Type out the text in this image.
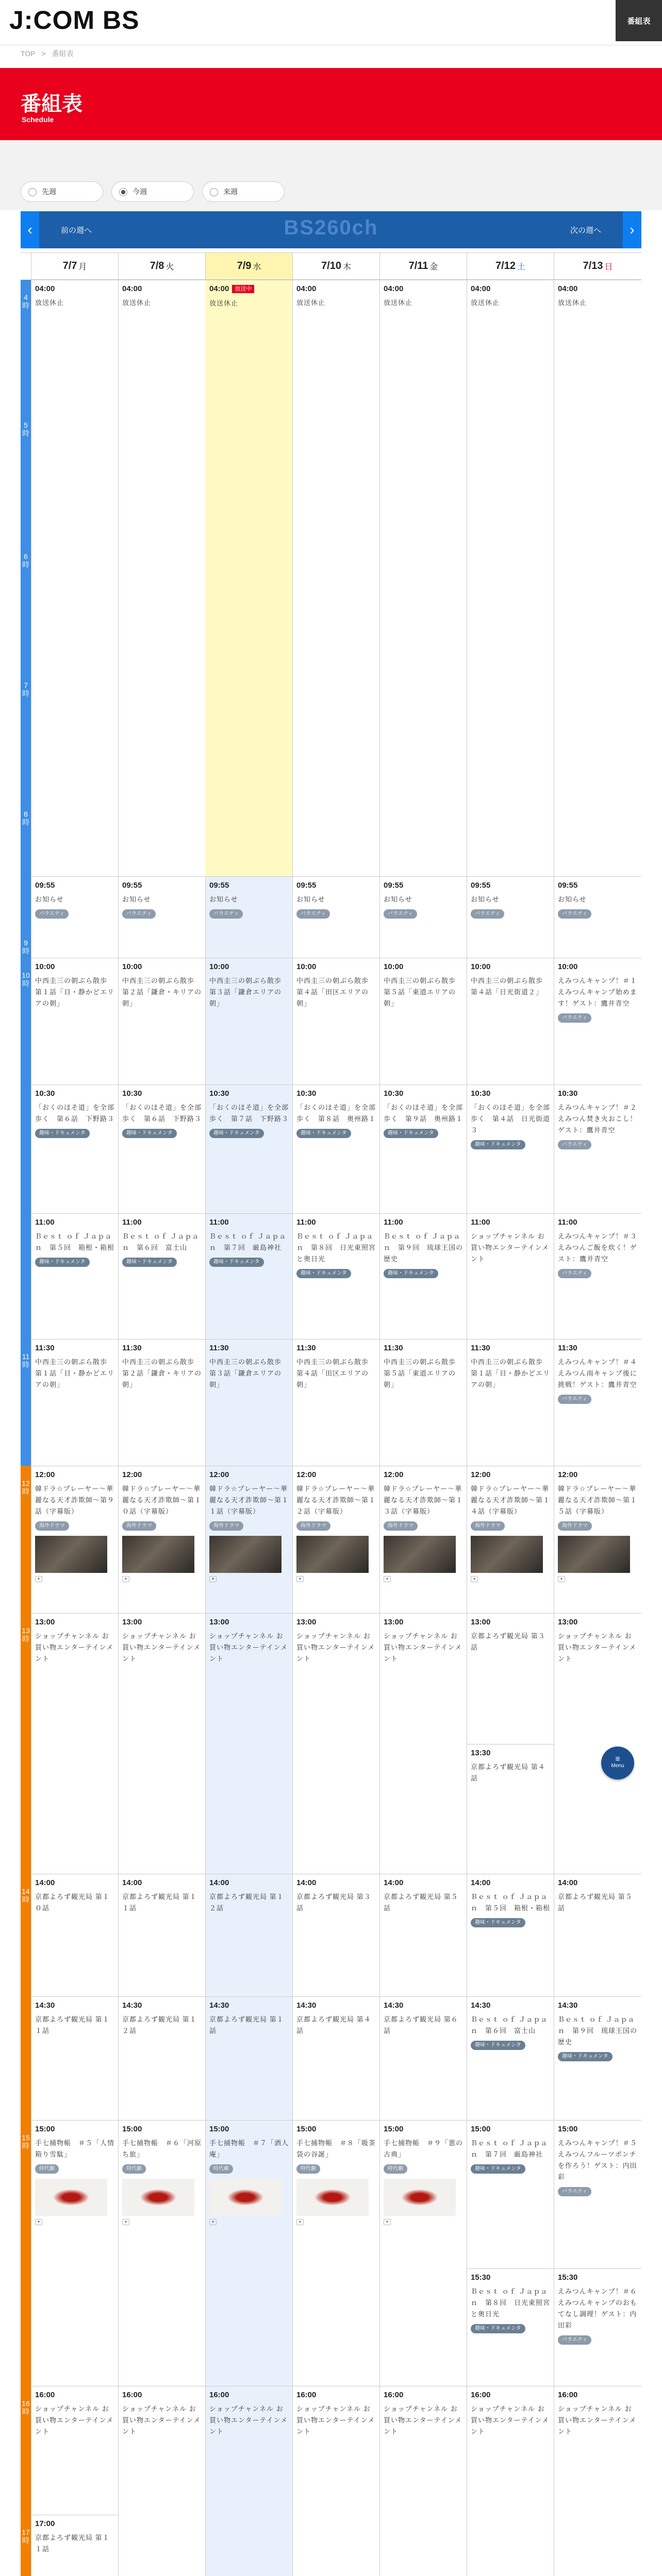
J:COM BS	番組表
TOP > 番組表
番組表
Schedule
先週	今週	来週
‹	前の週へ	BS260ch	次の週へ	›
4時
5時
6時
7時
8時
9時
10時
11時
12時
13時
14時
15時
16時
17時
7/7 月
04:00
放送休止
09:55
お知らせ
バラエティ
10:00
中西圭三の朝ぶら散歩　第１話「目・静かどエリアの朝」
10:30
「おくのほそ道」を全部歩く　第６話　下野路３
趣味・ドキュメンタ
11:00
Ｂｅｓｔ ｏｆ Ｊａｐａｎ　第５回　箱根・箱根
趣味・ドキュメンタ
11:30
中西圭三の朝ぶら散歩　第１話「目・静かどエリアの朝」
12:00
韓ドラ☆プレーヤー～華麗なる天才詐欺師～第９話（字幕版）
海外ドラマ
▾
13:00
ショップチャンネル お買い物エンターテインメント
14:00
京都よろず観光局 第１０話
14:30
京都よろず観光局 第１１話
15:00
手七捕物帳　＃５「人情箱り雪駄」
時代劇
▾
16:00
ショップチャンネル お買い物エンターテインメント
17:00
京都よろず観光局 第１１話
7/8 火
04:00
放送休止
09:55
お知らせ
バラエティ
10:00
中西圭三の朝ぶら散歩　第２話「鎌倉・キリアの朝」
10:30
「おくのほそ道」を全部歩く　第６話　下野路３
趣味・ドキュメンタ
11:00
Ｂｅｓｔ ｏｆ Ｊａｐａｎ　第６回　富士山
趣味・ドキュメンタ
11:30
中西圭三の朝ぶら散歩　第２話「鎌倉・キリアの朝」
12:00
韓ドラ☆プレーヤー～華麗なる天才詐欺師～第１０話（字幕版）
海外ドラマ
▾
13:00
ショップチャンネル お買い物エンターテインメント
14:00
京都よろず観光局 第１１話
14:30
京都よろず観光局 第１２話
15:00
手七捕物帳　＃６「河原ち旅」
時代劇
▾
16:00
ショップチャンネル お買い物エンターテインメント
7/9 水
04:00 放送中
放送休止
09:55
お知らせ
バラエティ
10:00
中西圭三の朝ぶら散歩　第３話「鎌倉エリアの朝」
10:30
「おくのほそ道」を全部歩く　第７話　下野路３
趣味・ドキュメンタ
11:00
Ｂｅｓｔ ｏｆ Ｊａｐａｎ　第７回　厳島神社
趣味・ドキュメンタ
11:30
中西圭三の朝ぶら散歩　第３話「鎌倉エリアの朝」
12:00
韓ドラ☆プレーヤー～華麗なる天才詐欺師～第１１話（字幕版）
海外ドラマ
▾
13:00
ショップチャンネル お買い物エンターテインメント
14:00
京都よろず観光局 第１２話
14:30
京都よろず観光局 第１話
15:00
手七捕物帳　＃７「酒人庵」
時代劇
▾
16:00
ショップチャンネル お買い物エンターテインメント
7/10 木
04:00
放送休止
09:55
お知らせ
バラエティ
10:00
中西圭三の朝ぶら散歩　第４話「田区エリアの朝」
10:30
「おくのほそ道」を全部歩く　第８話　奥州路１
趣味・ドキュメンタ
11:00
Ｂｅｓｔ ｏｆ Ｊａｐａｎ　第８回　日光東照宮と奥日光
趣味・ドキュメンタ
11:30
中西圭三の朝ぶら散歩　第４話「田区エリアの朝」
12:00
韓ドラ☆プレーヤー～華麗なる天才詐欺師～第１２話（字幕版）
海外ドラマ
▾
13:00
ショップチャンネル お買い物エンターテインメント
14:00
京都よろず観光局 第３話
14:30
京都よろず観光局 第４話
15:00
手七捕物帳　＃８「吸茶袋の谷誕」
時代劇
▾
16:00
ショップチャンネル お買い物エンターテインメント
7/11 金
04:00
放送休止
09:55
お知らせ
バラエティ
10:00
中西圭三の朝ぶら散歩　第５話「東道エリアの朝」
10:30
「おくのほそ道」を全部歩く　第９話　奥州路１
趣味・ドキュメンタ
11:00
Ｂｅｓｔ ｏｆ Ｊａｐａｎ　第９回　琉球王国の歴史
趣味・ドキュメンタ
11:30
中西圭三の朝ぶら散歩　第５話「東道エリアの朝」
12:00
韓ドラ☆プレーヤー～華麗なる天才詐欺師～第１３話（字幕版）
海外ドラマ
▾
13:00
ショップチャンネル お買い物エンターテインメント
14:00
京都よろず観光局 第５話
14:30
京都よろず観光局 第６話
15:00
手七捕物帳　＃９「悪の古典」
時代劇
▾
16:00
ショップチャンネル お買い物エンターテインメント
7/12 土
04:00
放送休止
09:55
お知らせ
バラエティ
10:00
中西圭三の朝ぶら散歩　第４話「日光街道２」
10:30
「おくのほそ道」を全部歩く　第４話　日光街道３
趣味・ドキュメンタ
11:00
ショップチャンネル お買い物エンターテインメント
11:30
中西圭三の朝ぶら散歩　第１話「目・静かどエリアの朝」
12:00
韓ドラ☆プレーヤー～華麗なる天才詐欺師～第１４話（字幕版）
海外ドラマ
▾
13:00
京都よろず観光局 第３話
13:30
京都よろず観光局 第４話
14:00
Ｂｅｓｔ ｏｆ Ｊａｐａｎ　第５回　箱根・箱根
趣味・ドキュメンタ
14:30
Ｂｅｓｔ ｏｆ Ｊａｐａｎ　第６回　富士山
趣味・ドキュメンタ
15:00
Ｂｅｓｔ ｏｆ Ｊａｐａｎ　第７回　厳島神社
趣味・ドキュメンタ
15:30
Ｂｅｓｔ ｏｆ Ｊａｐａｎ　第８回　日光東照宮と奥日光
趣味・ドキュメンタ
16:00
ショップチャンネル お買い物エンターテインメント
7/13 日
04:00
放送休止
09:55
お知らせ
バラエティ
10:00
えみつんキャンプ！＃１　えみつんキャンプ始めます！ゲスト：鷹井青空
バラエティ
10:30
えみつんキャンプ！＃２　えみつん焚き火おこし！ゲスト：鷹井青空
バラエティ
11:00
えみつんキャンプ！＃３　えみつんご飯を炊く！ゲスト：鷹井青空
バラエティ
11:30
えみつんキャンプ！＃４　えみつん雨キャンプ後に挑戦！ゲスト：鷹井青空
バラエティ
12:00
韓ドラ☆プレーヤー～華麗なる天才詐欺師～第１５話（字幕版）
海外ドラマ
▾
13:00
ショップチャンネル お買い物エンターテインメント
14:00
京都よろず観光局 第５話
14:30
Ｂｅｓｔ ｏｆ Ｊａｐａｎ　第９回　琉球王国の歴史
趣味・ドキュメンタ
15:00
えみつんキャンプ！＃５　えみつんフルーツポンチを作ろう！ゲスト：内田彩
バラエティ
15:30
えみつんキャンプ！＃６　えみつんキャンプのおもてなし調理！ゲスト：内田彩
バラエティ
16:00
ショップチャンネル お買い物エンターテインメント
≡
Menu
